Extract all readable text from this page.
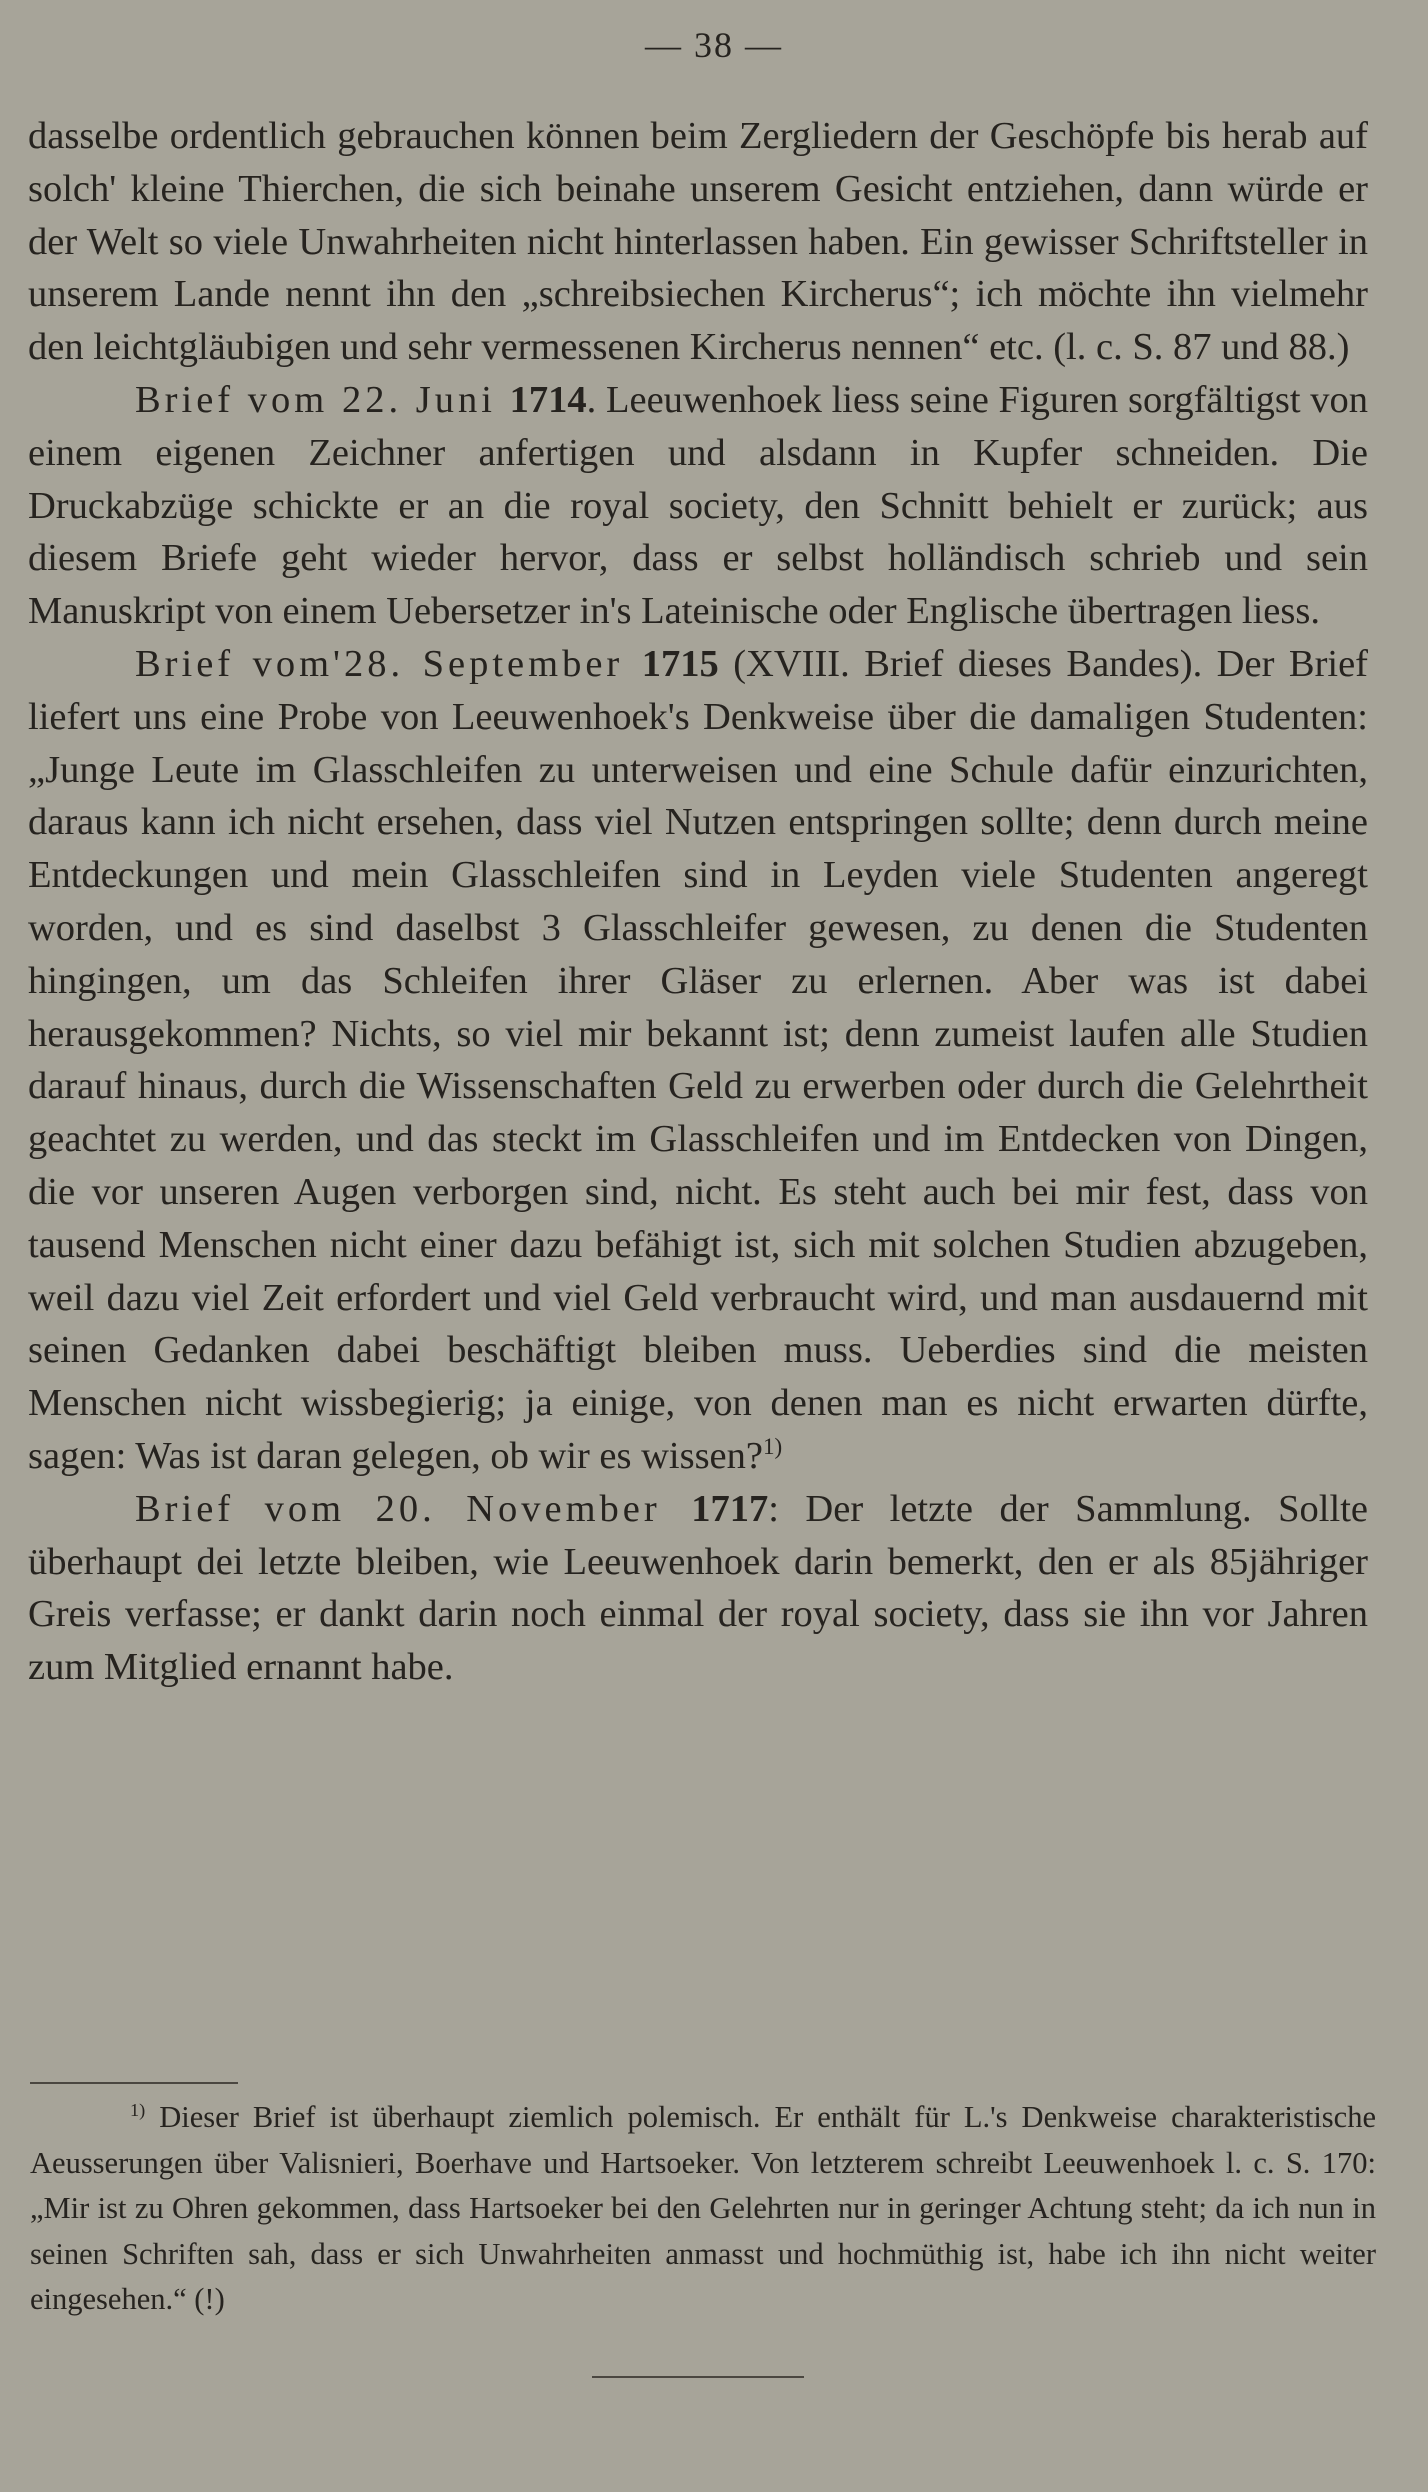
— 38 —

dasselbe ordentlich gebrauchen können beim Zergliedern der Geschöpfe bis herab auf solch' kleine Thierchen, die sich beinahe unserem Gesicht entziehen, dann würde er der Welt so viele Unwahrheiten nicht hinterlassen haben. Ein gewisser Schriftsteller in unserem Lande nennt ihn den „schreibsiechen Kircherus“; ich möchte ihn vielmehr den leichtgläubigen und sehr vermessenen Kircherus nennen“ etc. (l. c. S. 87 und 88.)

Brief vom 22. Juni 1714. Leeuwenhoek liess seine Figuren sorgfältigst von einem eigenen Zeichner anfertigen und alsdann in Kupfer schneiden. Die Druckabzüge schickte er an die royal society, den Schnitt behielt er zurück; aus diesem Briefe geht wieder hervor, dass er selbst holländisch schrieb und sein Manuskript von einem Uebersetzer in's Lateinische oder Englische übertragen liess.

Brief vom'28. September 1715 (XVIII. Brief dieses Bandes). Der Brief liefert uns eine Probe von Leeuwenhoek's Denkweise über die damaligen Studenten: „Junge Leute im Glasschleifen zu unterweisen und eine Schule dafür einzurichten, daraus kann ich nicht ersehen, dass viel Nutzen entspringen sollte; denn durch meine Entdeckungen und mein Glasschleifen sind in Leyden viele Studenten angeregt worden, und es sind daselbst 3 Glasschleifer gewesen, zu denen die Studenten hingingen, um das Schleifen ihrer Gläser zu erlernen. Aber was ist dabei herausgekommen? Nichts, so viel mir bekannt ist; denn zumeist laufen alle Studien darauf hinaus, durch die Wissenschaften Geld zu erwerben oder durch die Gelehrtheit geachtet zu werden, und das steckt im Glasschleifen und im Entdecken von Dingen, die vor unseren Augen verborgen sind, nicht. Es steht auch bei mir fest, dass von tausend Menschen nicht einer dazu befähigt ist, sich mit solchen Studien abzugeben, weil dazu viel Zeit erfordert und viel Geld verbraucht wird, und man ausdauernd mit seinen Gedanken dabei beschäftigt bleiben muss. Ueberdies sind die meisten Menschen nicht wissbegierig; ja einige, von denen man es nicht erwarten dürfte, sagen: Was ist daran gelegen, ob wir es wissen?$^{1)}$

Brief vom 20. November 1717: Der letzte der Sammlung. Sollte überhaupt dei letzte bleiben, wie Leeuwenhoek darin bemerkt, den er als 85jähriger Greis verfasse; er dankt darin noch einmal der royal society, dass sie ihn vor Jahren zum Mitglied ernannt habe.

$^{1)}$ Dieser Brief ist überhaupt ziemlich polemisch. Er enthält für L.'s Denkweise charakteristische Aeusserungen über Valisnieri, Boerhave und Hartsoeker. Von letzterem schreibt Leeuwenhoek l. c. S. 170: „Mir ist zu Ohren gekommen, dass Hartsoeker bei den Gelehrten nur in geringer Achtung steht; da ich nun in seinen Schriften sah, dass er sich Unwahrheiten anmasst und hochmüthig ist, habe ich ihn nicht weiter eingesehen.“ (!)
